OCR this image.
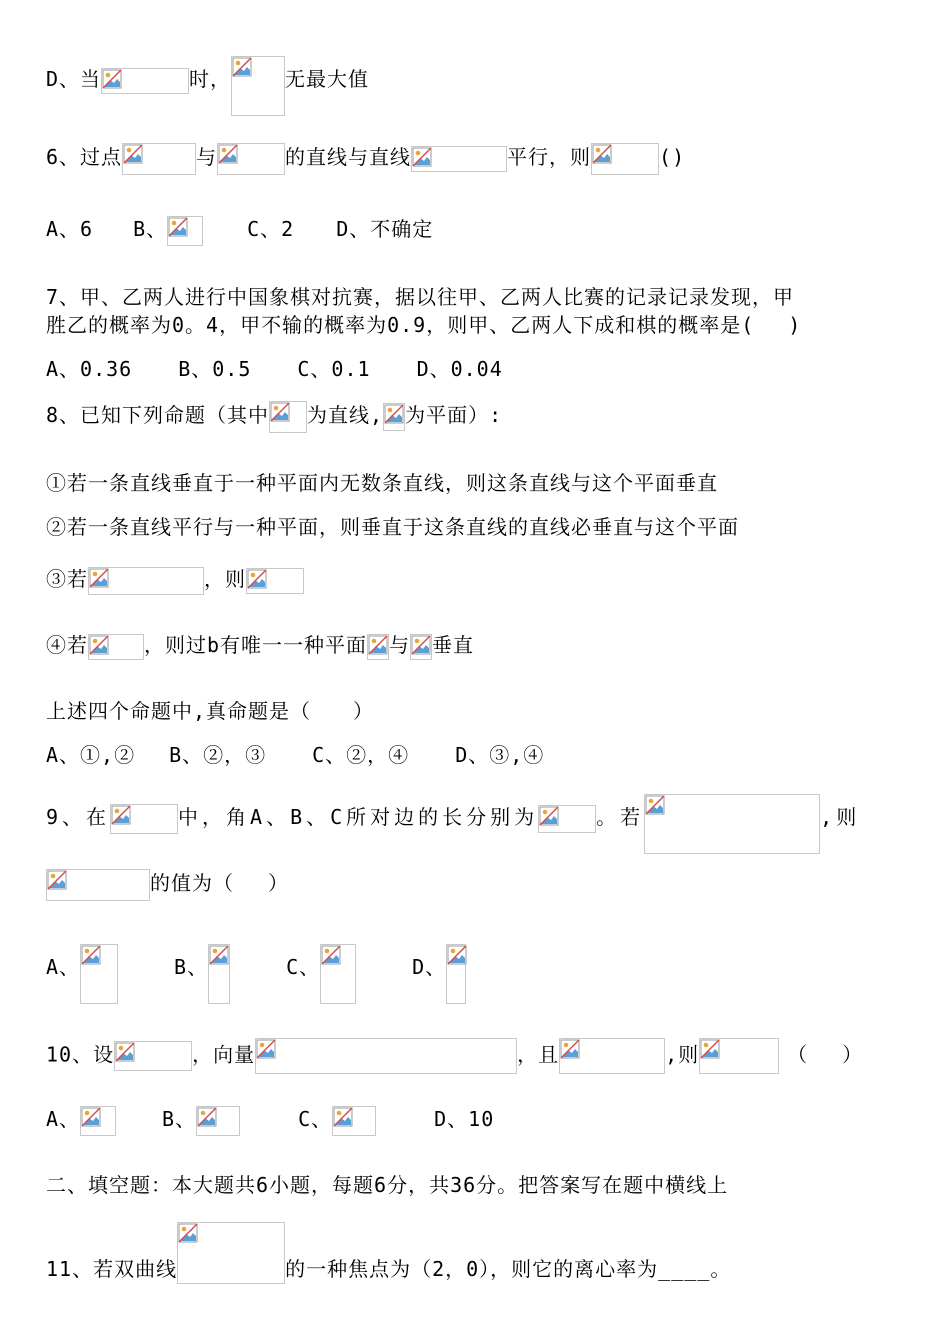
D、当	时，	无最大值
6、过点	与	的直线与直线	平行，则	()
A、6 B、	C、2 D、不确定
7、甲、乙两人进行中国象棋对抗赛，据以往甲、乙两人比赛的记录记录发现，甲
胜乙的概率为0。4，甲不输的概率为0.9，则甲、乙两人下成和棋的概率是(　 )
A、0.36 B、0.5 C、0.1 D、0.04
8、已知下列命题（其中 为直线, 为平面）:
①若一条直线垂直于一种平面内无数条直线，则这条直线与这个平面垂直
②若一条直线平行与一种平面，则垂直于这条直线的直线必垂直与这个平面
③若	，则
④若	，则过b有唯一一种平面 与 垂直
上述四个命题中,真命题是（　　）
A、①,② B、②，③ C、②，④ D、③,④
9、在	中，角A、B、C所对边的长分别为	。若	,则
的值为（　 ）
A、	B、	C、	D、
10、设	，向量	，且	,则	（　 ）
A、	B、	C、	D、10
二、填空题：本大题共6小题，每题6分，共36分。把答案写在题中横线上
11、若双曲线	的一种焦点为（2，0），则它的离心率为____。
